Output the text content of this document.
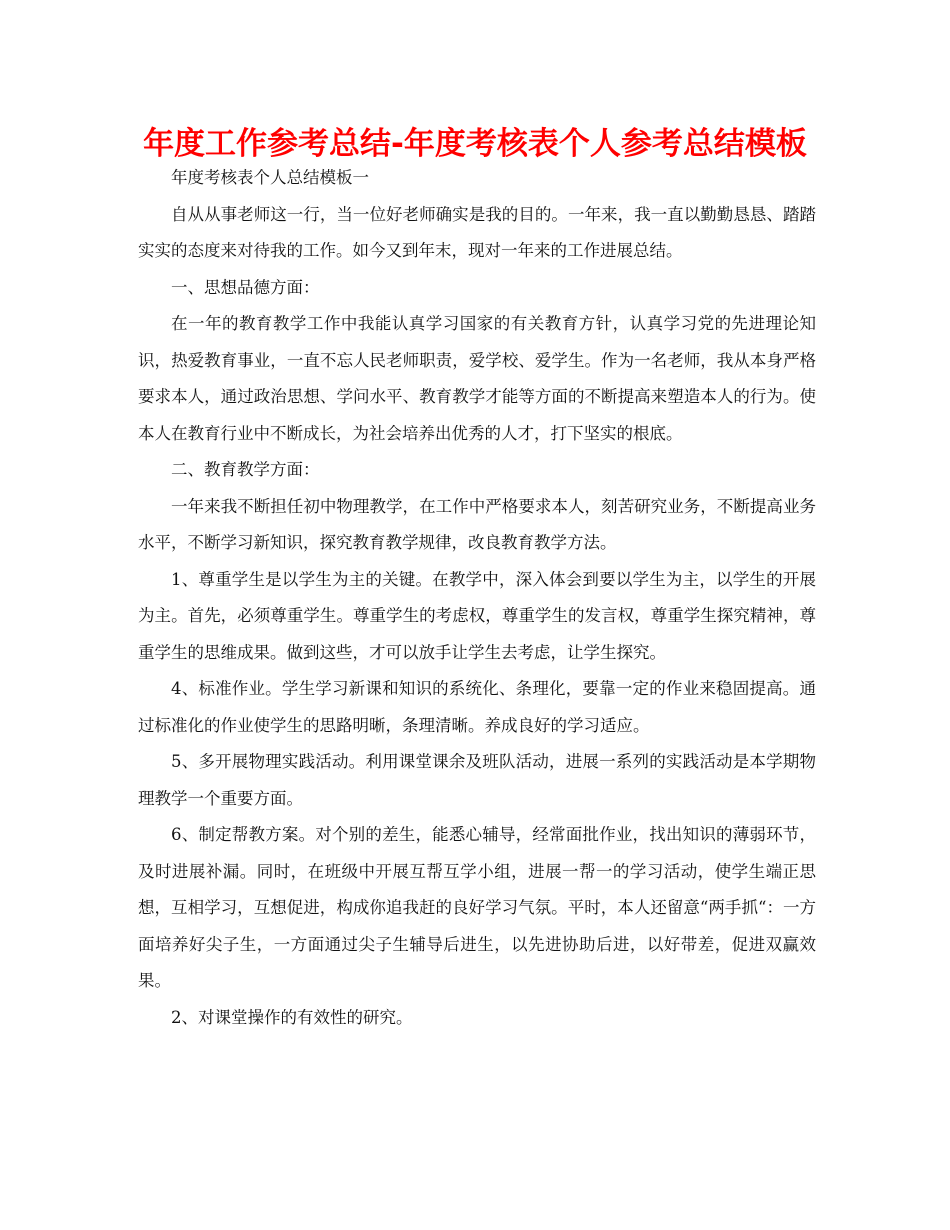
年度工作参考总结-年度考核表个人参考总结模板

年度考核表个人总结模板一

自从从事老师这一行，当一位好老师确实是我的目的。一年来，我一直以勤勤恳恳、踏踏实实的态度来对待我的工作。如今又到年末，现对一年来的工作进展总结。

一、思想品德方面：

在一年的教育教学工作中我能认真学习国家的有关教育方针，认真学习党的先进理论知识，热爱教育事业，一直不忘人民老师职责，爱学校、爱学生。作为一名老师，我从本身严格要求本人，通过政治思想、学问水平、教育教学才能等方面的不断提高来塑造本人的行为。使本人在教育行业中不断成长，为社会培养出优秀的人才，打下坚实的根底。

二、教育教学方面：

一年来我不断担任初中物理教学，在工作中严格要求本人，刻苦研究业务，不断提高业务水平，不断学习新知识，探究教育教学规律，改良教育教学方法。

1、尊重学生是以学生为主的关键。在教学中，深入体会到要以学生为主，以学生的开展为主。首先，必须尊重学生。尊重学生的考虑权，尊重学生的发言权，尊重学生探究精神，尊重学生的思维成果。做到这些，才可以放手让学生去考虑，让学生探究。

4、标准作业。学生学习新课和知识的系统化、条理化，要靠一定的作业来稳固提高。通过标准化的作业使学生的思路明晰，条理清晰。养成良好的学习适应。

5、多开展物理实践活动。利用课堂课余及班队活动，进展一系列的实践活动是本学期物理教学一个重要方面。

6、制定帮教方案。对个别的差生，能悉心辅导，经常面批作业，找出知识的薄弱环节，及时进展补漏。同时，在班级中开展互帮互学小组，进展一帮一的学习活动，使学生端正思想，互相学习，互想促进，构成你追我赶的良好学习气氛。平时，本人还留意“两手抓“：一方面培养好尖子生，一方面通过尖子生辅导后进生，以先进协助后进，以好带差，促进双赢效果。

2、对课堂操作的有效性的研究。
